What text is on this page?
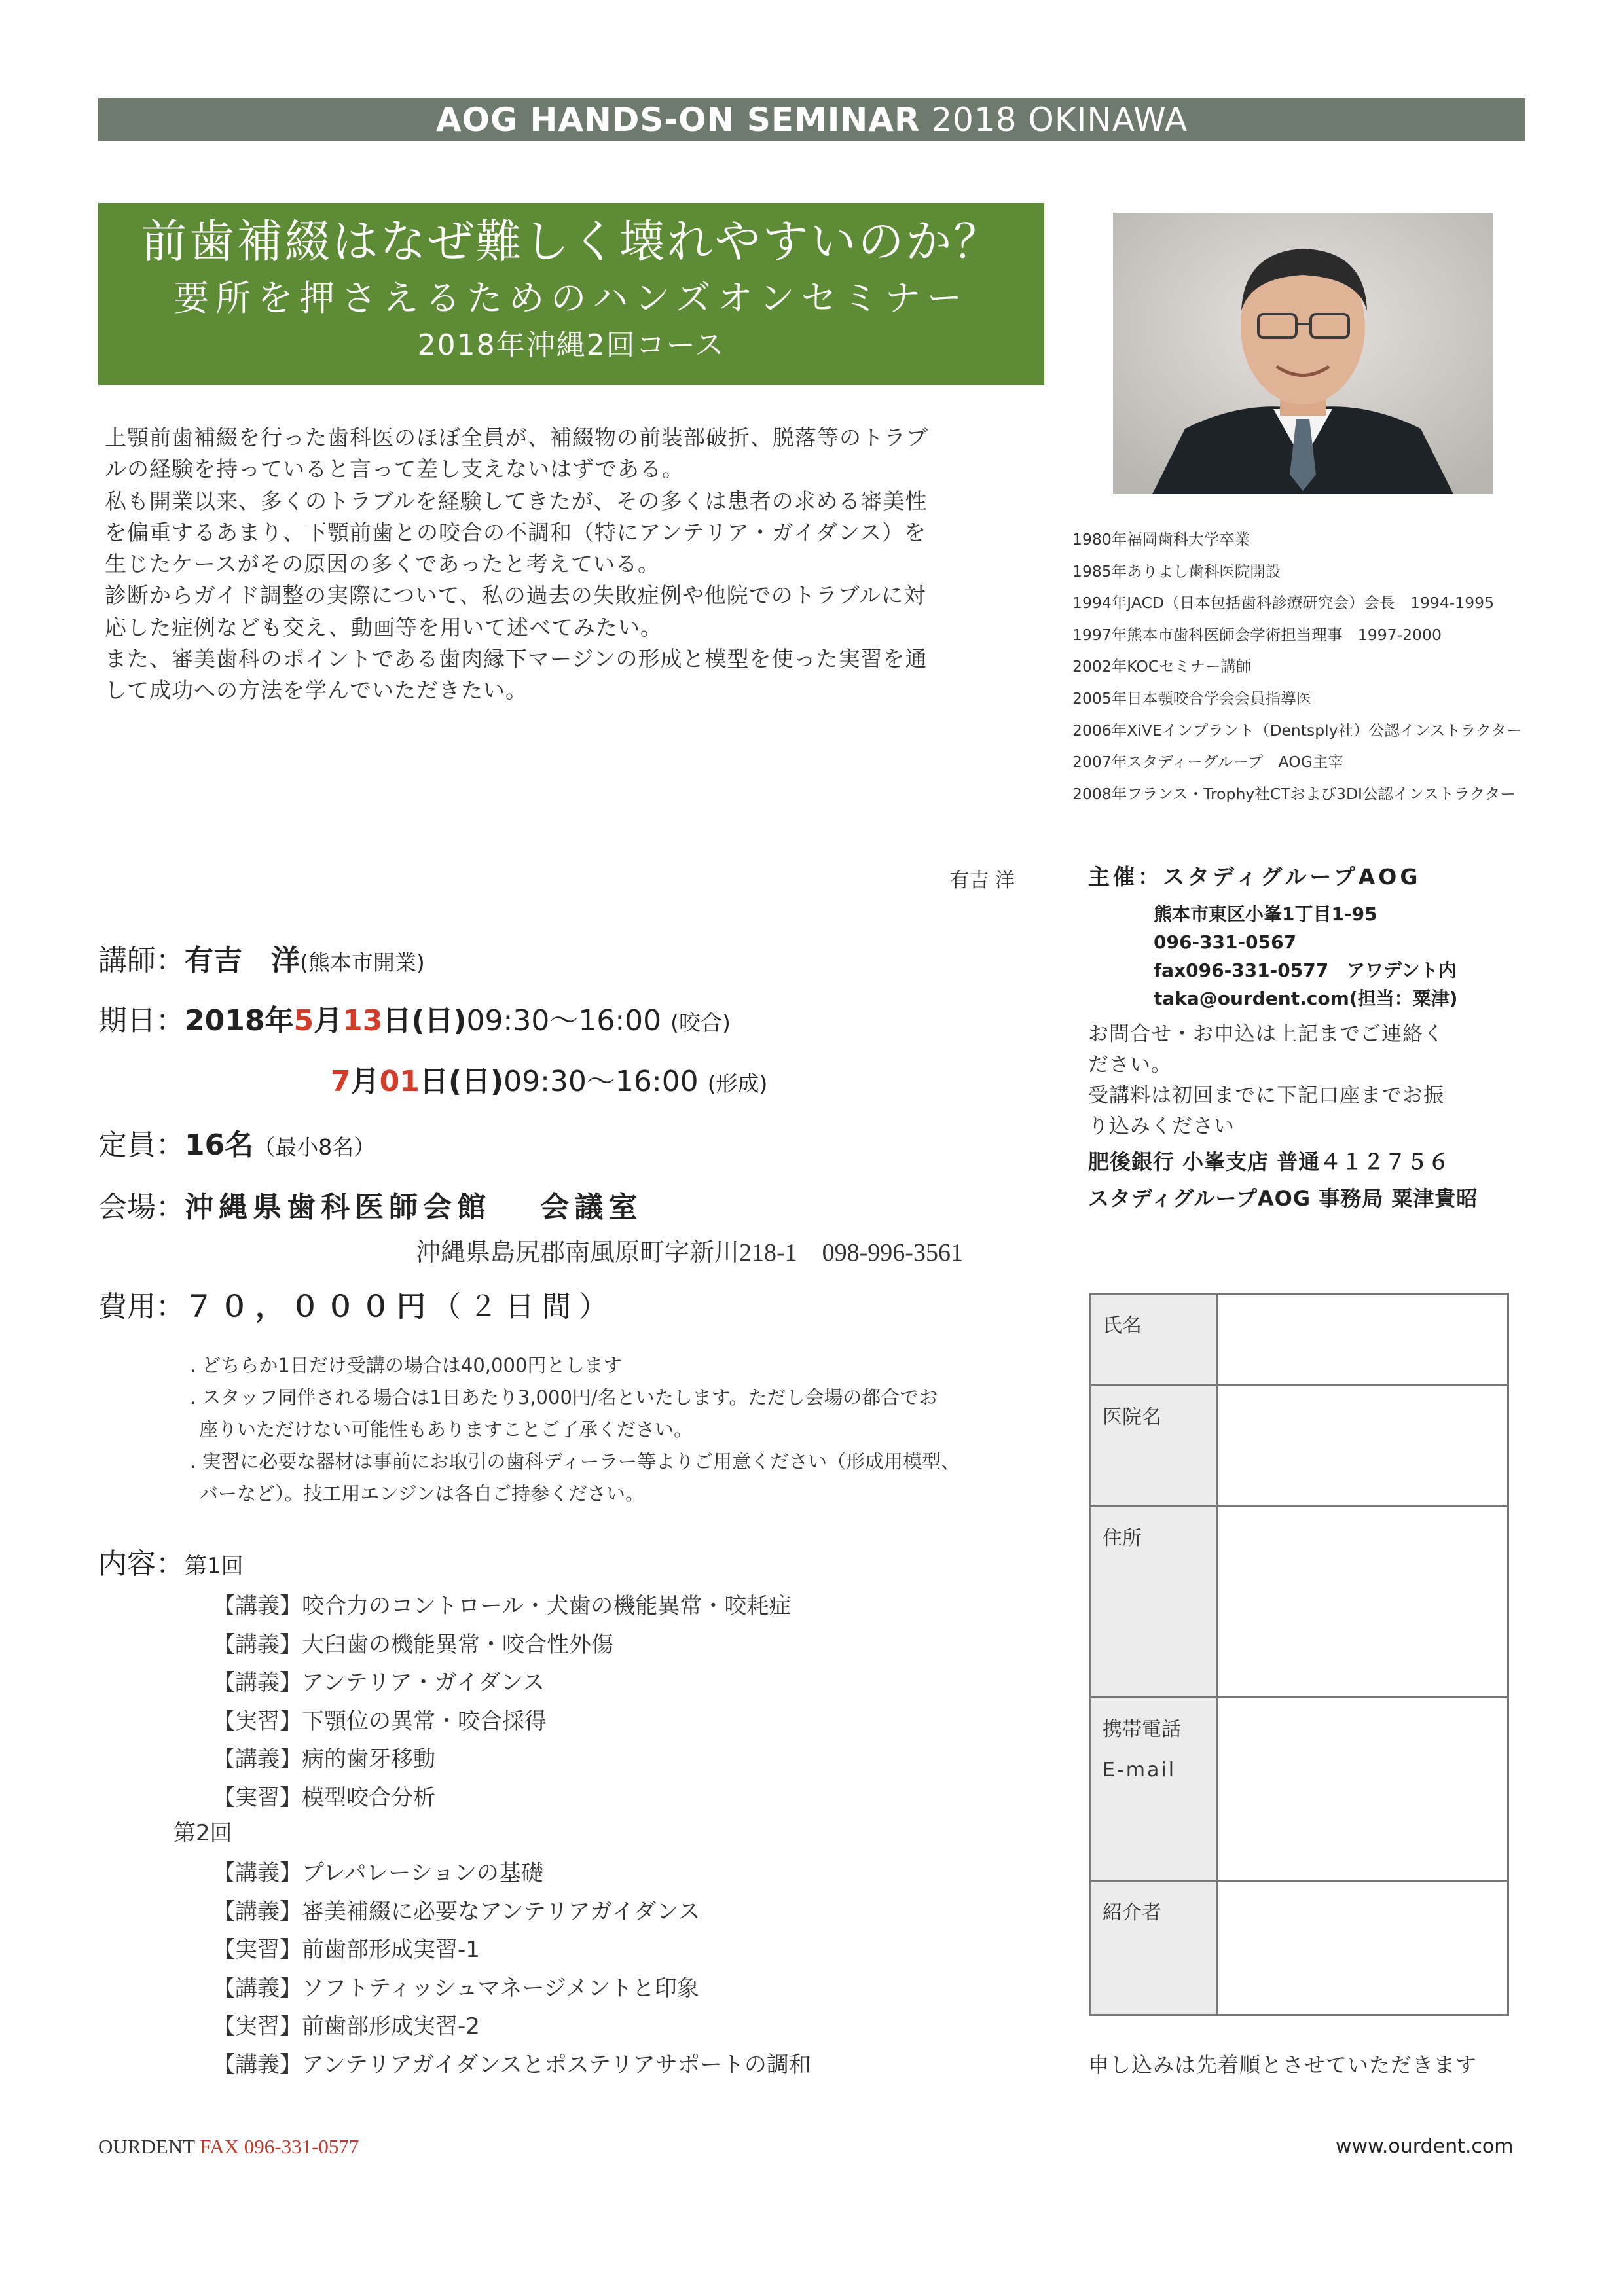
AOG HANDS-ON SEMINAR 2018 OKINAWA
前歯補綴はなぜ難しく壊れやすいのか？
要所を押さえるためのハンズオンセミナー
2018年沖縄2回コース
上顎前歯補綴を行った歯科医のほぼ全員が、補綴物の前装部破折、脱落等のトラブ
ルの経験を持っていると言って差し支えないはずである。
私も開業以来、多くのトラブルを経験してきたが、その多くは患者の求める審美性
を偏重するあまり、下顎前歯との咬合の不調和（特にアンテリア・ガイダンス）を
生じたケースがその原因の多くであったと考えている。
診断からガイド調整の実際について、私の過去の失敗症例や他院でのトラブルに対
応した症例なども交え、動画等を用いて述べてみたい。
また、審美歯科のポイントである歯肉縁下マージンの形成と模型を使った実習を通
して成功への方法を学んでいただきたい。
有吉 洋
1980年福岡歯科大学卒業
1985年ありよし歯科医院開設
1994年JACD（日本包括歯科診療研究会）会長　1994-1995
1997年熊本市歯科医師会学術担当理事　1997-2000
2002年KOCセミナー講師
2005年日本顎咬合学会会員指導医
2006年XiVEインプラント（Dentsply社）公認インストラクター
2007年スタディーグループ　AOG主宰
2008年フランス・Trophy社CTおよび3DI公認インストラクター
講師：有吉　洋(熊本市開業)
期日：2018年5月13日(日)09:30〜16:00 (咬合)
7月01日(日)09:30〜16:00 (形成)
定員：16名（最小8名）
会場：沖縄県歯科医師会館　 会議室
沖縄県島尻郡南風原町字新川218-1　098-996-3561
費用：７０，０００円（２日間）
. どちらか1日だけ受講の場合は40,000円とします
. スタッフ同伴される場合は1日あたり3,000円/名といたします。ただし会場の都合でお
座りいただけない可能性もありますことご了承ください。
. 実習に必要な器材は事前にお取引の歯科ディーラー等よりご用意ください（形成用模型、
バーなど）。技工用エンジンは各自ご持参ください。
内容：第1回
【講義】咬合力のコントロール・犬歯の機能異常・咬耗症
【講義】大臼歯の機能異常・咬合性外傷
【講義】アンテリア・ガイダンス
【実習】下顎位の異常・咬合採得
【講義】病的歯牙移動
【実習】模型咬合分析
第2回
【講義】プレパレーションの基礎
【講義】審美補綴に必要なアンテリアガイダンス
【実習】前歯部形成実習-1
【講義】ソフトティッシュマネージメントと印象
【実習】前歯部形成実習-2
【講義】アンテリアガイダンスとポステリアサポートの調和
主催：スタディグループAOG
熊本市東区小峯1丁目1-95
096-331-0567
fax096-331-0577　アワデント内
taka@ourdent.com(担当：粟津)
お問合せ・お申込は上記までご連絡く
ださい。
受講料は初回までに下記口座までお振
り込みください
肥後銀行 小峯支店 普通４１２７５６
スタディグループAOG 事務局 粟津貴昭
氏名	
医院名	
住所	

携帯電話
E-mail	

紹介者	
申し込みは先着順とさせていただきます
OURDENT FAX 096-331-0577	www.ourdent.com
